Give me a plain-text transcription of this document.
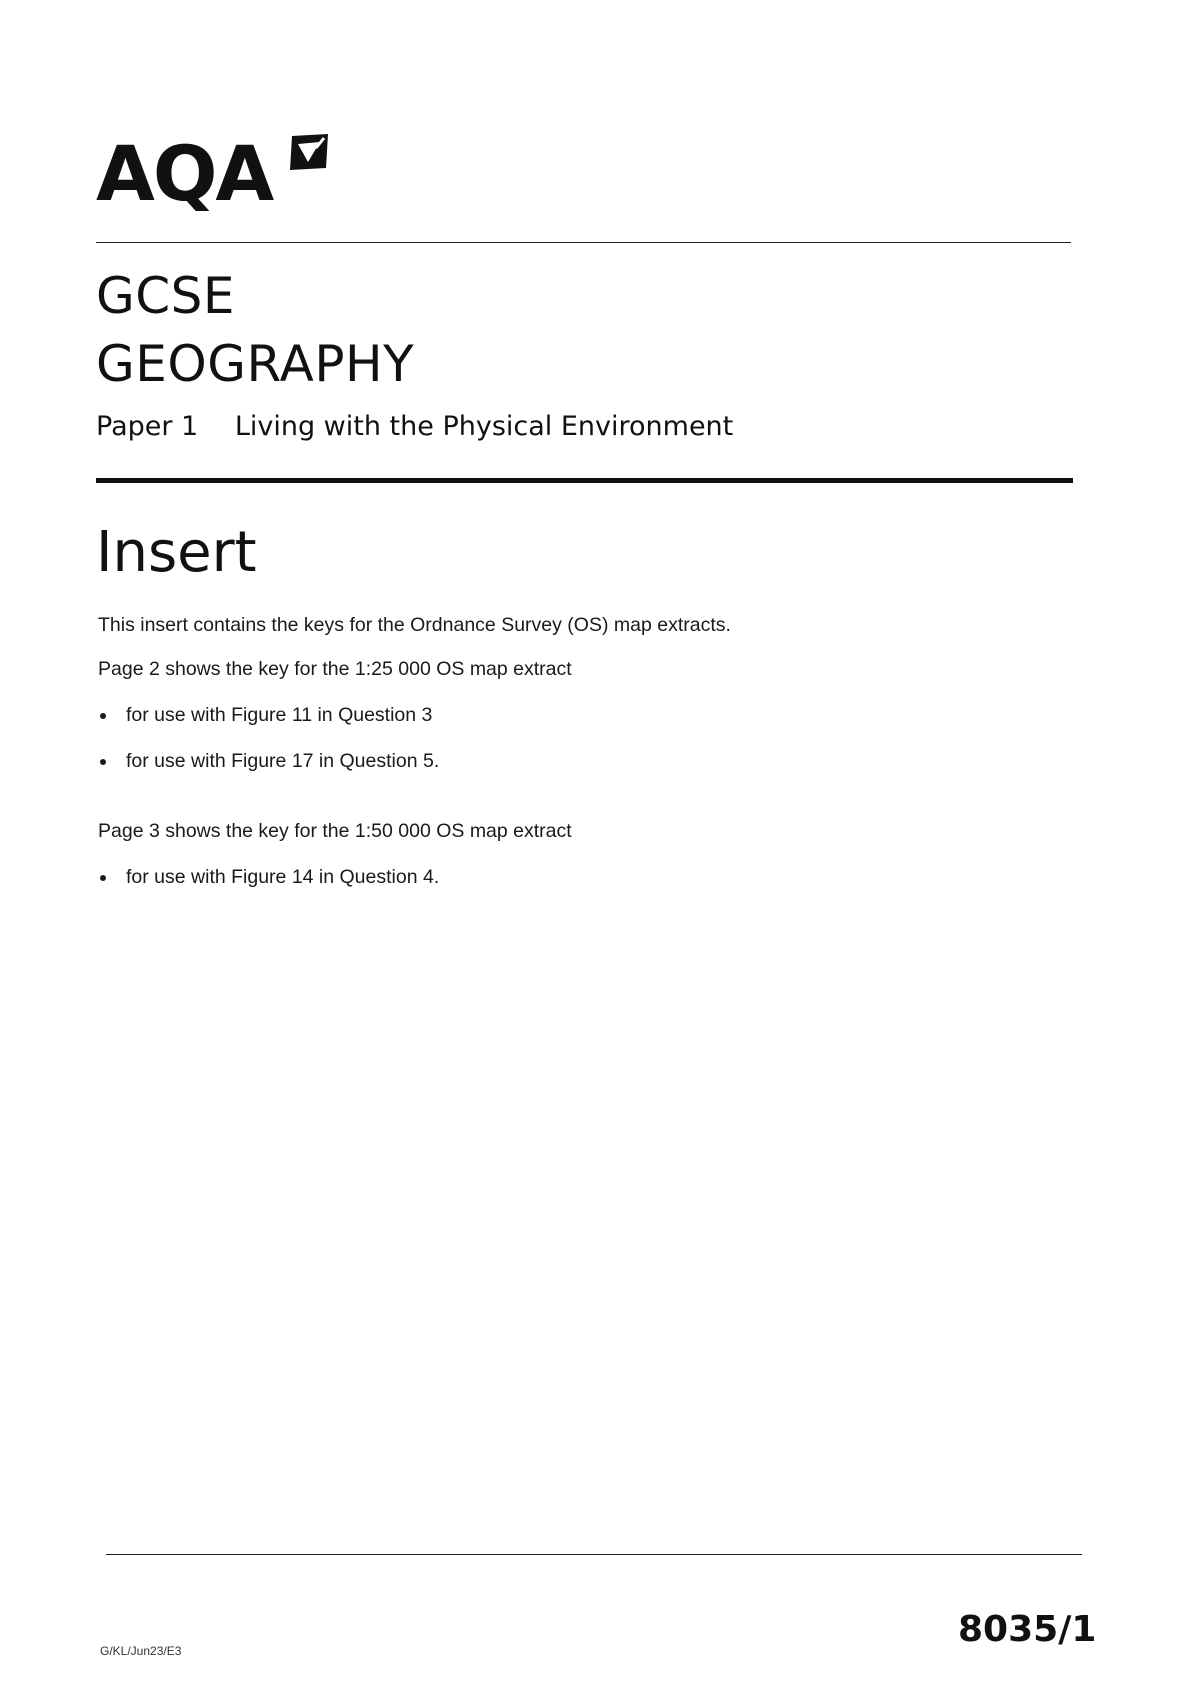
AQA
GCSE
GEOGRAPHY
Paper 1 Living with the Physical Environment
Insert
This insert contains the keys for the Ordnance Survey (OS) map extracts.
Page 2 shows the key for the 1:25 000 OS map extract
for use with Figure 11 in Question 3
for use with Figure 17 in Question 5.
Page 3 shows the key for the 1:50 000 OS map extract
for use with Figure 14 in Question 4.
G/KL/Jun23/E3
8035/1
